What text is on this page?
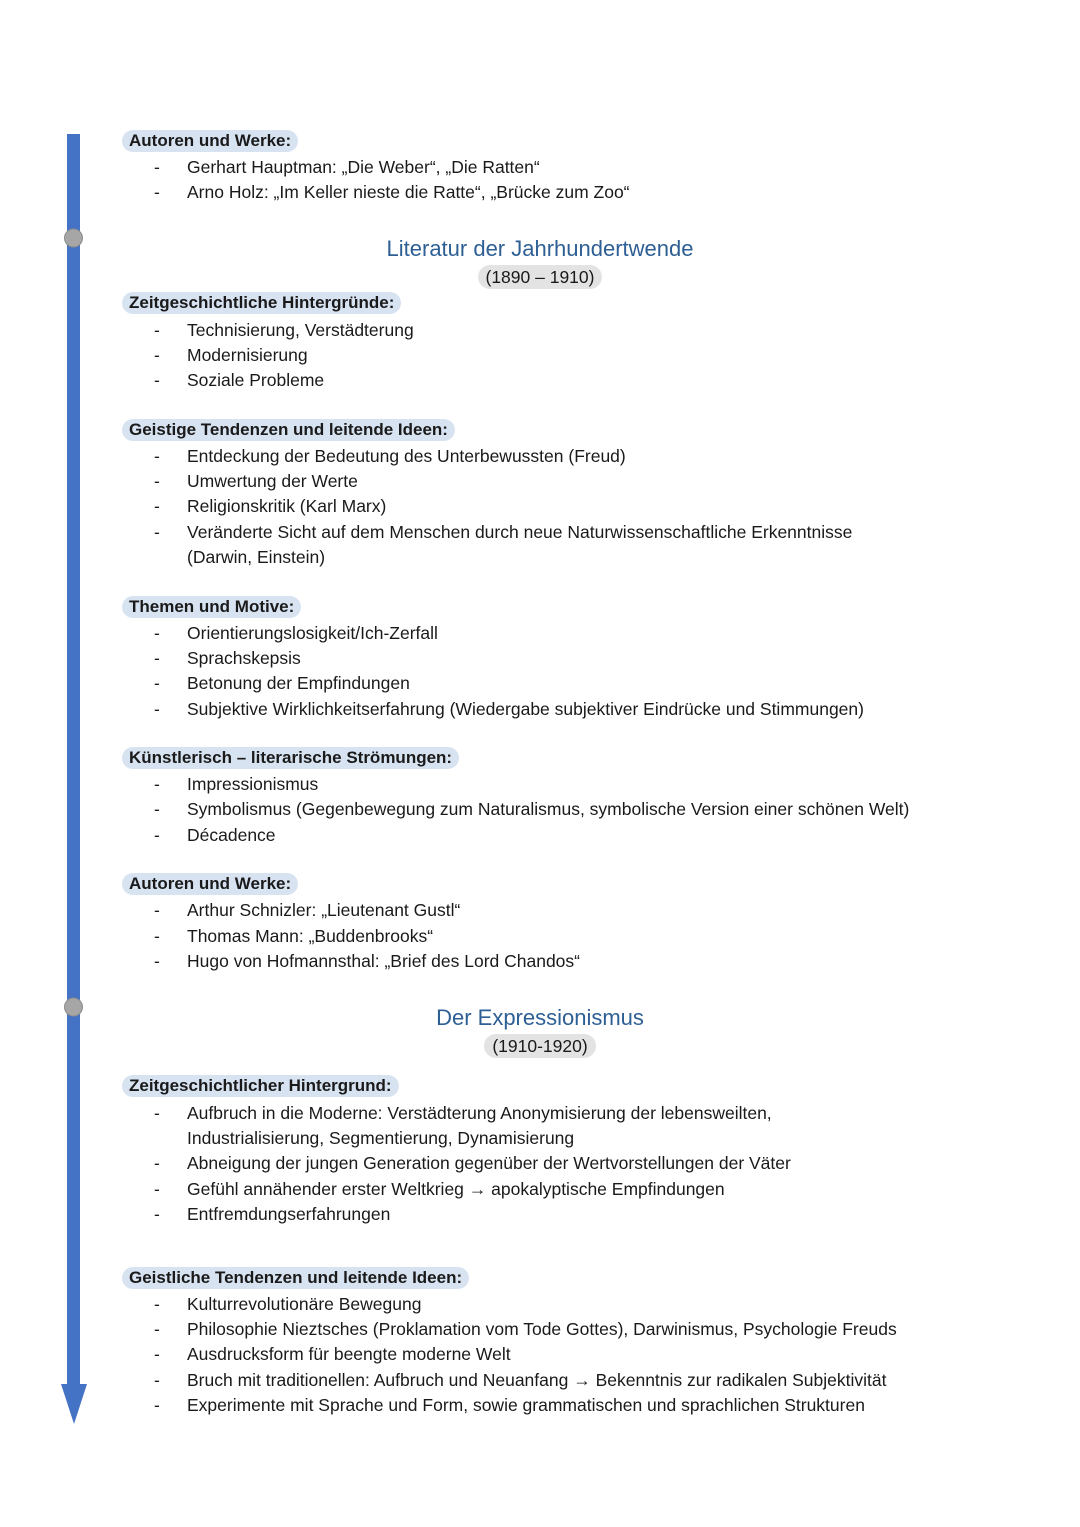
Autoren und Werke:
- Gerhart Hauptman: „Die Weber“, „Die Ratten“
- Arno Holz: „Im Keller nieste die Ratte“, „Brücke zum Zoo“
Literatur der Jahrhundertwende
(1890 – 1910)
Zeitgeschichtliche Hintergründe:
- Technisierung, Verstädterung
- Modernisierung
- Soziale Probleme
Geistige Tendenzen und leitende Ideen:
- Entdeckung der Bedeutung des Unterbewussten (Freud)
- Umwertung der Werte
- Religionskritik (Karl Marx)
- Veränderte Sicht auf dem Menschen durch neue Naturwissenschaftliche Erkenntnisse
(Darwin, Einstein)
Themen und Motive:
- Orientierungslosigkeit/Ich-Zerfall
- Sprachskepsis
- Betonung der Empfindungen
- Subjektive Wirklichkeitserfahrung (Wiedergabe subjektiver Eindrücke und Stimmungen)
Künstlerisch – literarische Strömungen:
- Impressionismus
- Symbolismus (Gegenbewegung zum Naturalismus, symbolische Version einer schönen Welt)
- Décadence
Autoren und Werke:
- Arthur Schnizler: „Lieutenant Gustl“
- Thomas Mann: „Buddenbrooks“
- Hugo von Hofmannsthal: „Brief des Lord Chandos“
Der Expressionismus
(1910-1920)
Zeitgeschichtlicher Hintergrund:
- Aufbruch in die Moderne: Verstädterung Anonymisierung der lebensweilten,
Industrialisierung, Segmentierung, Dynamisierung
- Abneigung der jungen Generation gegenüber der Wertvorstellungen der Väter
- Gefühl annähender erster Weltkrieg → apokalyptische Empfindungen
- Entfremdungserfahrungen
Geistliche Tendenzen und leitende Ideen:
- Kulturrevolutionäre Bewegung
- Philosophie Nieztsches (Proklamation vom Tode Gottes), Darwinismus, Psychologie Freuds
- Ausdrucksform für beengte moderne Welt
- Bruch mit traditionellen: Aufbruch und Neuanfang → Bekenntnis zur radikalen Subjektivität
- Experimente mit Sprache und Form, sowie grammatischen und sprachlichen Strukturen
